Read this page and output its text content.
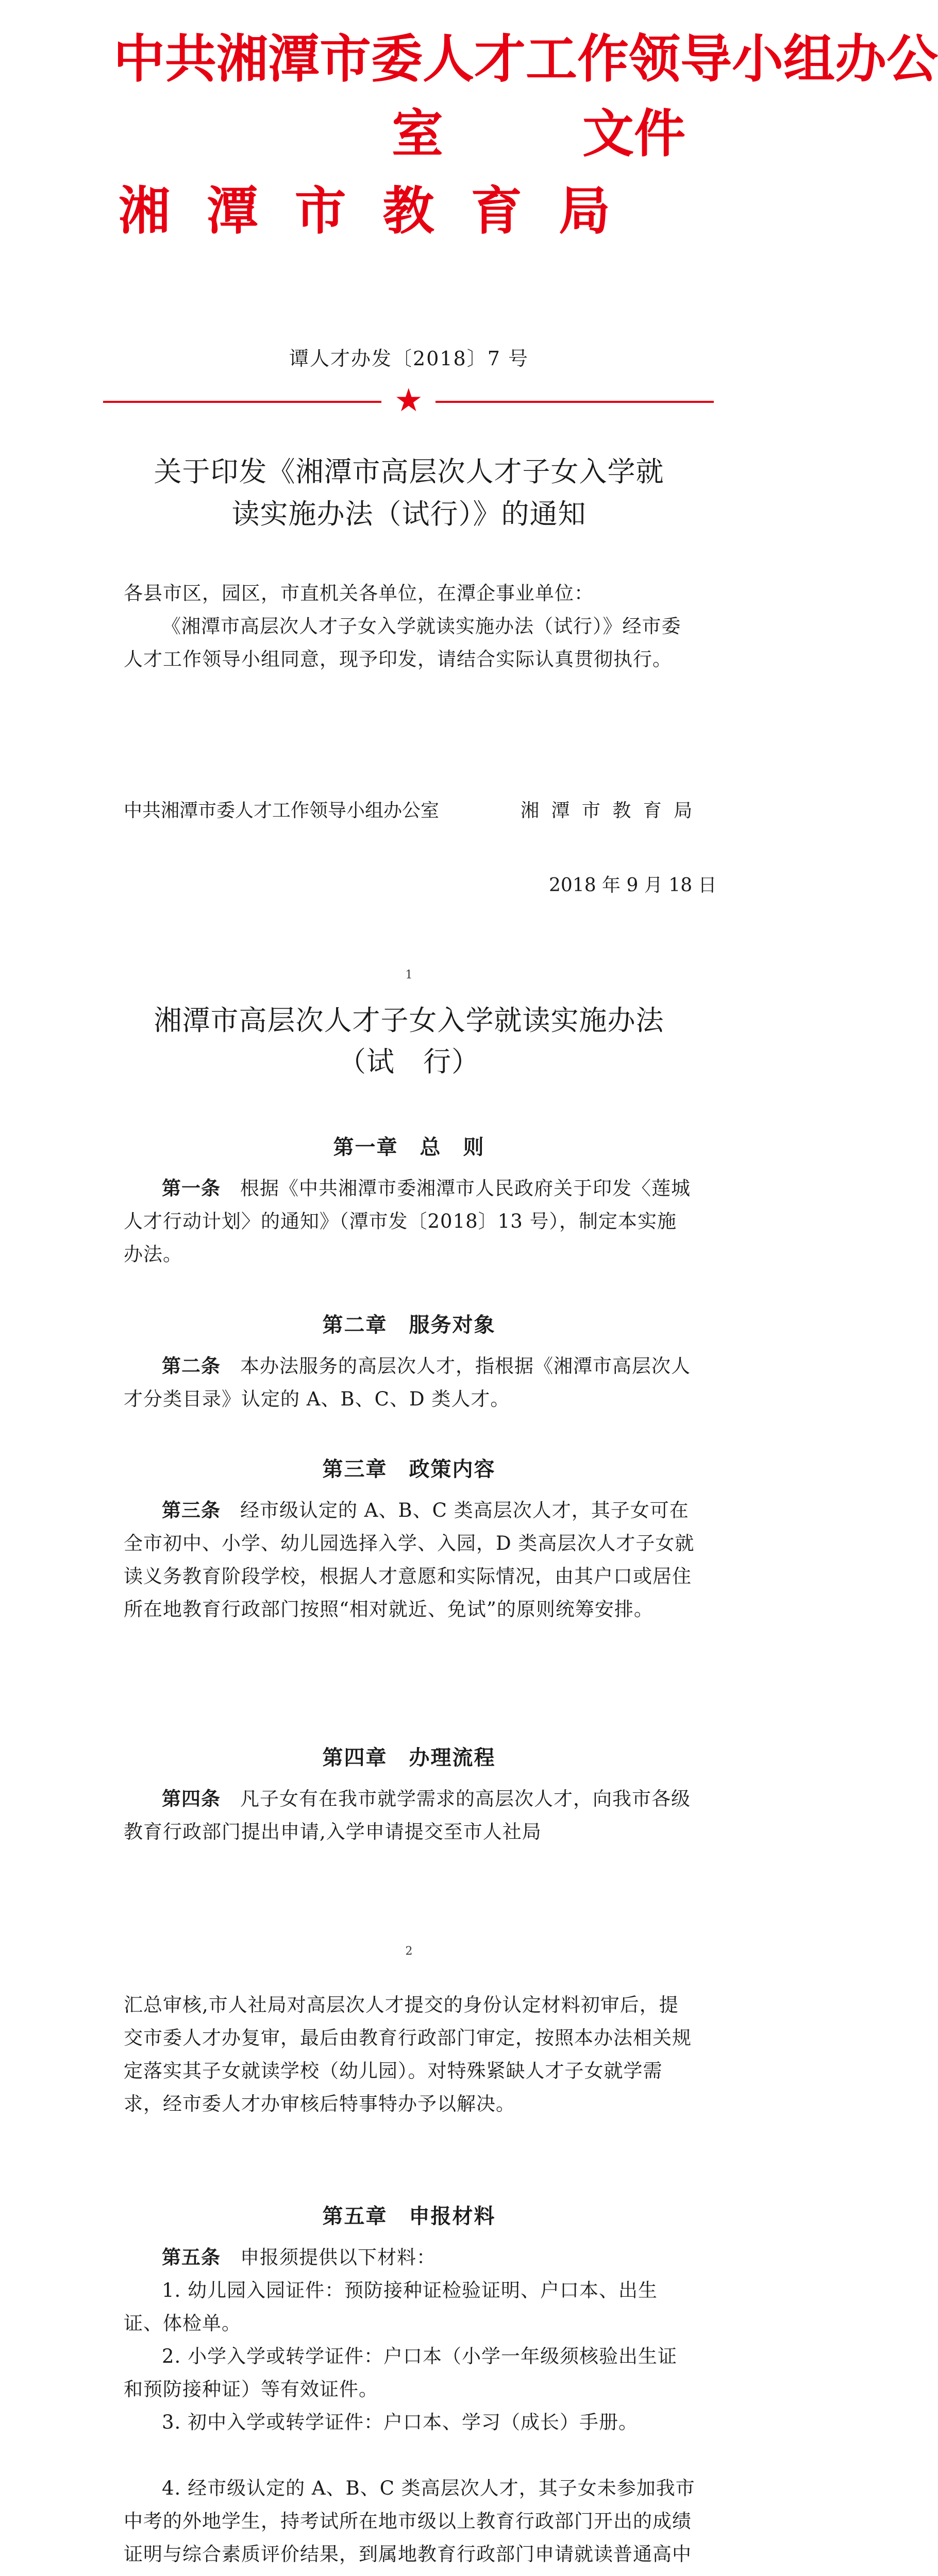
中共湘潭市委人才工作领导小组办公
室	文件
湘 潭 市 教 育 局
谭人才办发〔2018〕7 号
★
关于印发《湘潭市高层次人才子女入学就
读实施办法（试行）》的通知
各县市区，园区，市直机关各单位，在潭企事业单位：
《湘潭市高层次人才子女入学就读实施办法（试行）》经市委人才工作领导小组同意，现予印发，请结合实际认真贯彻执行。
中共湘潭市委人才工作领导小组办公室	湘 潭 市 教 育 局
2018 年 9 月 18 日
1
湘潭市高层次人才子女入学就读实施办法
（试　行）
第一章　总　则
第一条　 根据《中共湘潭市委湘潭市人民政府关于印发〈莲城人才行动计划〉的通知》（潭市发〔2018〕13 号），制定本实施办法。
第二章　服务对象
第二条　 本办法服务的高层次人才，指根据《湘潭市高层次人才分类目录》认定的 A、B、C、D 类人才。
第三章　政策内容
第三条　 经市级认定的 A、B、C 类高层次人才，其子女可在全市初中、小学、幼儿园选择入学、入园，D 类高层次人才子女就读义务教育阶段学校，根据人才意愿和实际情况，由其户口或居住所在地教育行政部门按照“相对就近、免试”的原则统筹安排。
第四章　办理流程
第四条　 凡子女有在我市就学需求的高层次人才，向我市各级教育行政部门提出申请,入学申请提交至市人社局
2
汇总审核,市人社局对高层次人才提交的身份认定材料初审后，提交市委人才办复审，最后由教育行政部门审定，按照本办法相关规定落实其子女就读学校（幼儿园）。对特殊紧缺人才子女就学需求，经市委人才办审核后特事特办予以解决。
第五章　申报材料
第五条　 申报须提供以下材料：
1. 幼儿园入园证件：预防接种证检验证明、户口本、出生证、体检单。
2. 小学入学或转学证件：户口本（小学一年级须核验出生证和预防接种证）等有效证件。
3. 初中入学或转学证件：户口本、学习（成长）手册。
4. 经市级认定的 A、B、C 类高层次人才，其子女未参加我市中考的外地学生，持考试所在地市级以上教育行政部门开出的成绩证明与综合素质评价结果，到属地教育行政部门申请就读普通高中
